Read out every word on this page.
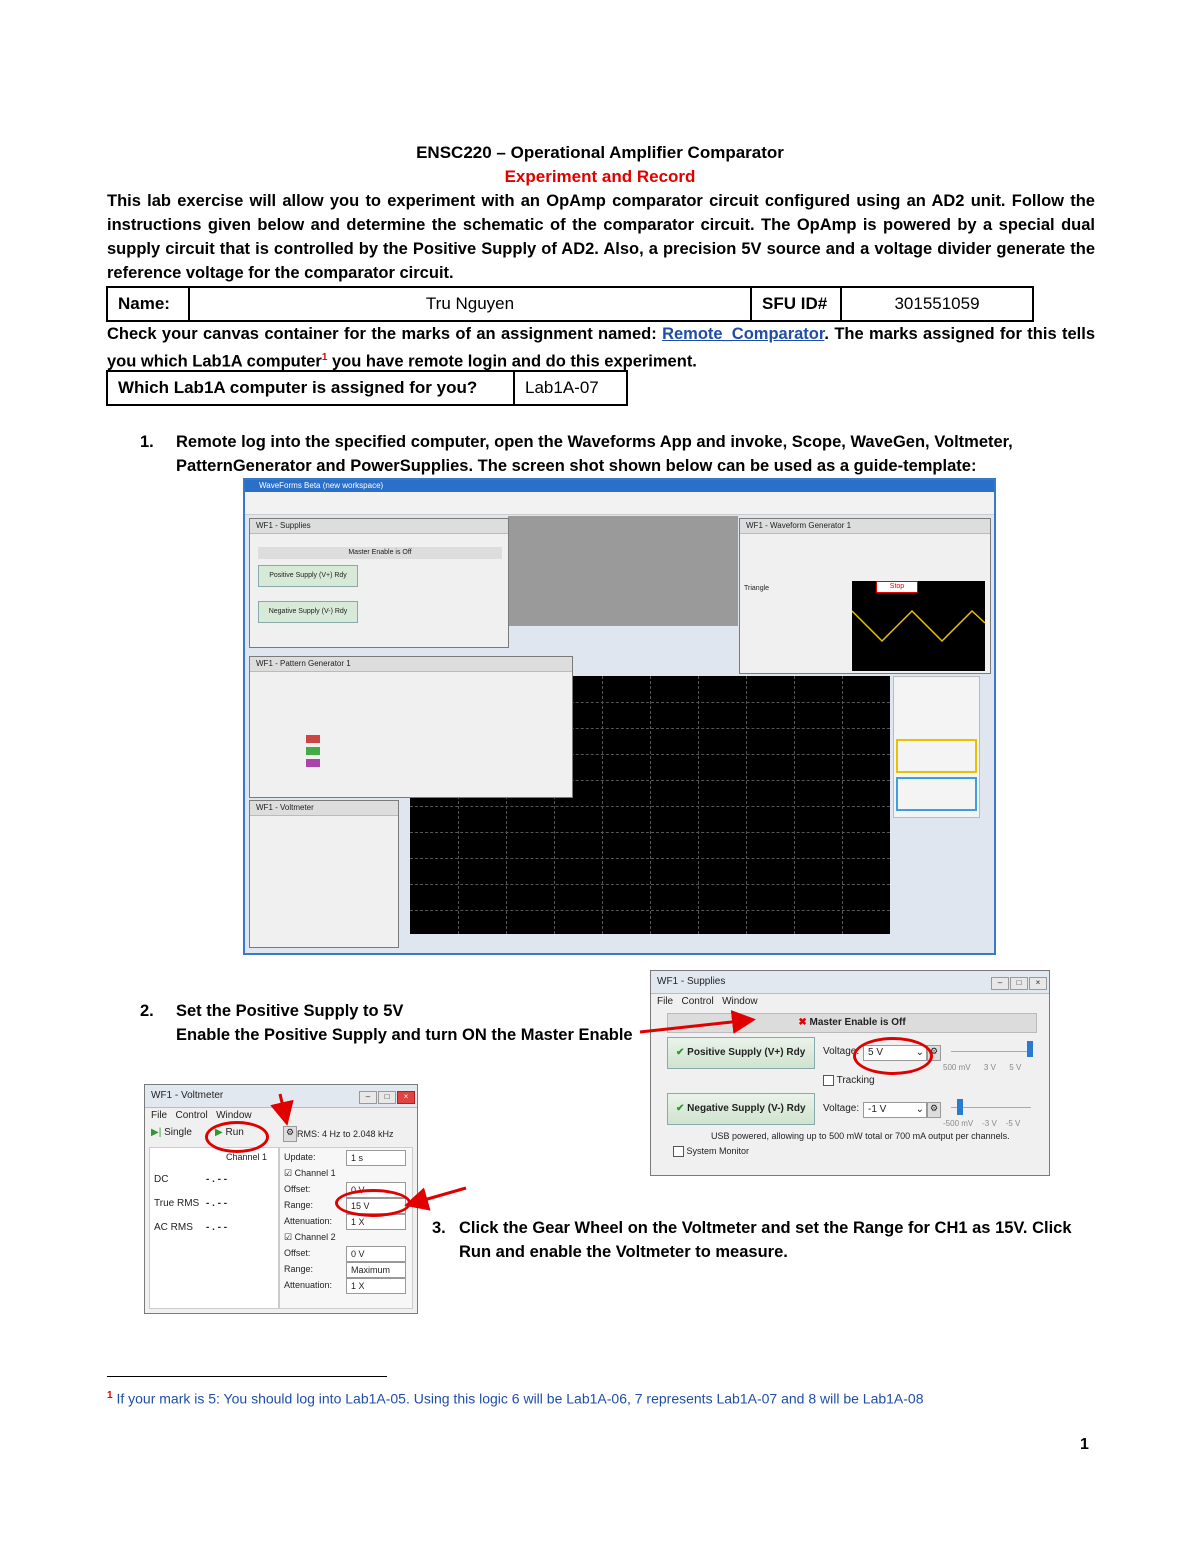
ENSC220 – Operational Amplifier Comparator
Experiment and Record
This lab exercise will allow you to experiment with an OpAmp comparator circuit configured using an AD2 unit. Follow the instructions given below and determine the schematic of the comparator circuit. The OpAmp is powered by a special dual supply circuit that is controlled by the Positive Supply of AD2. Also, a precision 5V source and a voltage divider generate the reference voltage for the comparator circuit.
Name:	Tru Nguyen	SFU ID#	301551059
Check your canvas container for the marks of an assignment named: Remote_Comparator. The marks assigned for this tells you which Lab1A computer$^1$ you have remote login and do this experiment.
Which Lab1A computer is assigned for you?	Lab1A-07
1. Remote log into the specified computer, open the Waveforms App and invoke, Scope, WaveGen, Voltmeter, PatternGenerator and PowerSupplies. The screen shot shown below can be used as a guide-template:
WaveForms Beta (new workspace)
WF1 - Supplies
Master Enable is Off
Positive Supply (V+) Rdy
Negative Supply (V-) Rdy
WF1 - Waveform Generator 1
Triangle	Stop
WF1 - Pattern Generator 1
WF1 - Voltmeter
2. Set the Positive Supply to 5V
Enable the Positive Supply and turn ON the Master Enable
WF1 - Supplies	– □ ×
File Control Window
✖ Master Enable is Off
✔ Positive Supply (V+) Rdy	Voltage: 5 V	⌄ ⚙
500 mV 3 V 5 V
Tracking
✔ Negative Supply (V-) Rdy	Voltage: -1 V	⌄ ⚙
-500 mV -3 V -5 V
USB powered, allowing up to 500 mW total or 700 mA output per channels.
System Monitor
WF1 - Voltmeter	– □ ×
File Control Window
▶| Single ▶ Run	⚙ RMS: 4 Hz to 2.048 kHz
Channel 1
DC	- . - -
True RMS - . - -
AC RMS - . - -
Update:	1 s
☑ Channel 1
Offset:	0 V
Range:	15 V
Attenuation:	1 X
☑ Channel 2
Offset:	0 V
Range:	Maximum
Attenuation:	1 X
3. Click the Gear Wheel on the Voltmeter and set the Range for CH1 as 15V. Click Run and enable the Voltmeter to measure.
$^1$ If your mark is 5: You should log into Lab1A-05. Using this logic 6 will be Lab1A-06, 7 represents Lab1A-07 and 8 will be Lab1A-08
1
